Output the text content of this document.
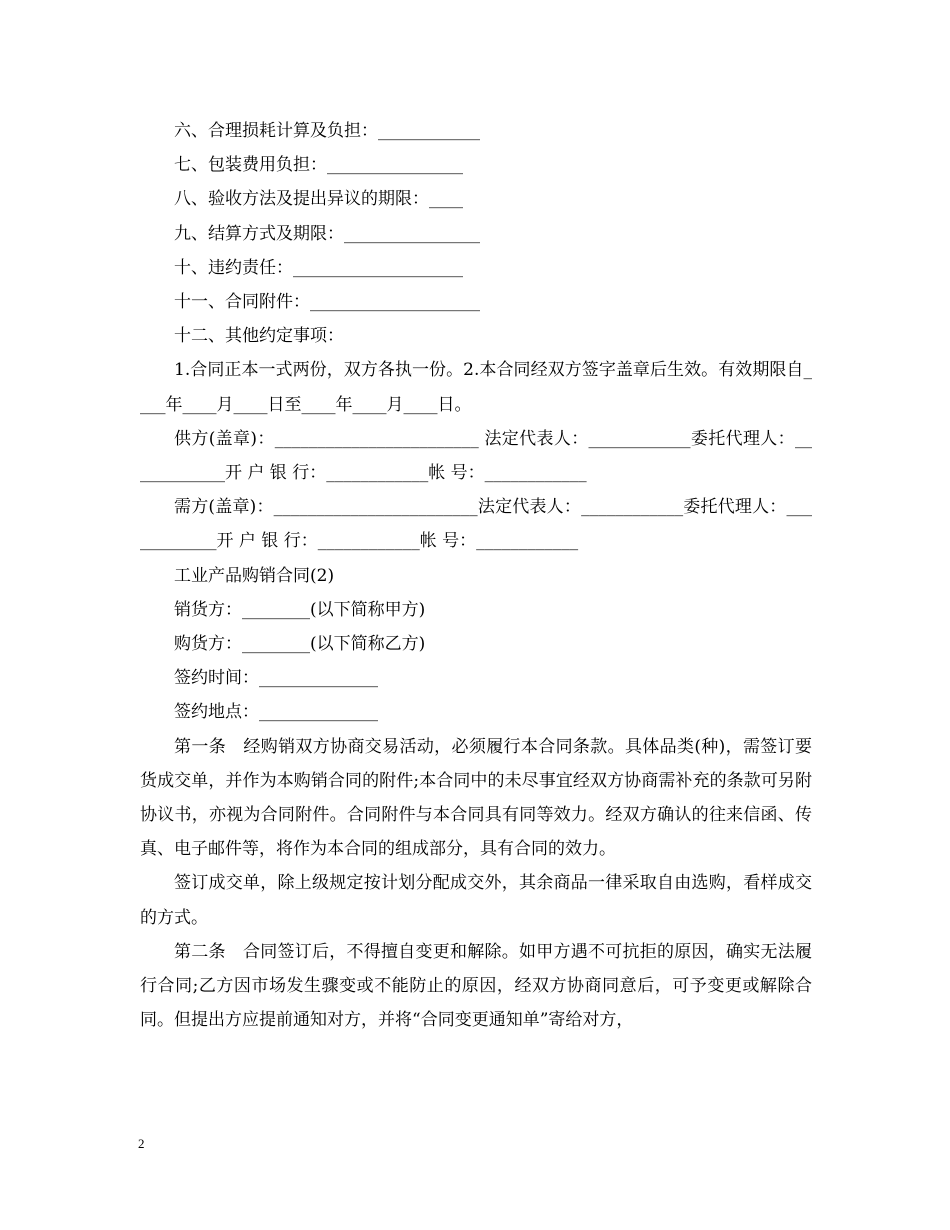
六、合理损耗计算及负担：____________

七、包装费用负担：________________

八、验收方法及提出异议的期限：____

九、结算方式及期限：________________

十、违约责任：____________________

十一、合同附件：____________________

十二、其他约定事项：

1.合同正本一式两份，双方各执一份。2.本合同经双方签字盖章后生效。有效期限自____年____月____日至____年____月____日。

供方(盖章)：________________________ 法定代表人：____________委托代理人：____________开 户 银 行：____________帐 号：____________

需方(盖章)：________________________法定代表人：____________委托代理人：____________开 户 银 行：____________帐 号：____________

工业产品购销合同(2)

销货方：________(以下简称甲方)

购货方：________(以下简称乙方)

签约时间：______________

签约地点：______________

第一条　经购销双方协商交易活动，必须履行本合同条款。具体品类(种)，需签订要货成交单，并作为本购销合同的附件;本合同中的未尽事宜经双方协商需补充的条款可另附协议书，亦视为合同附件。合同附件与本合同具有同等效力。经双方确认的往来信函、传真、电子邮件等，将作为本合同的组成部分，具有合同的效力。

签订成交单，除上级规定按计划分配成交外，其余商品一律采取自由选购，看样成交的方式。

第二条　合同签订后，不得擅自变更和解除。如甲方遇不可抗拒的原因，确实无法履行合同;乙方因市场发生骤变或不能防止的原因，经双方协商同意后，可予变更或解除合同。但提出方应提前通知对方，并将“合同变更通知单”寄给对方，

2
